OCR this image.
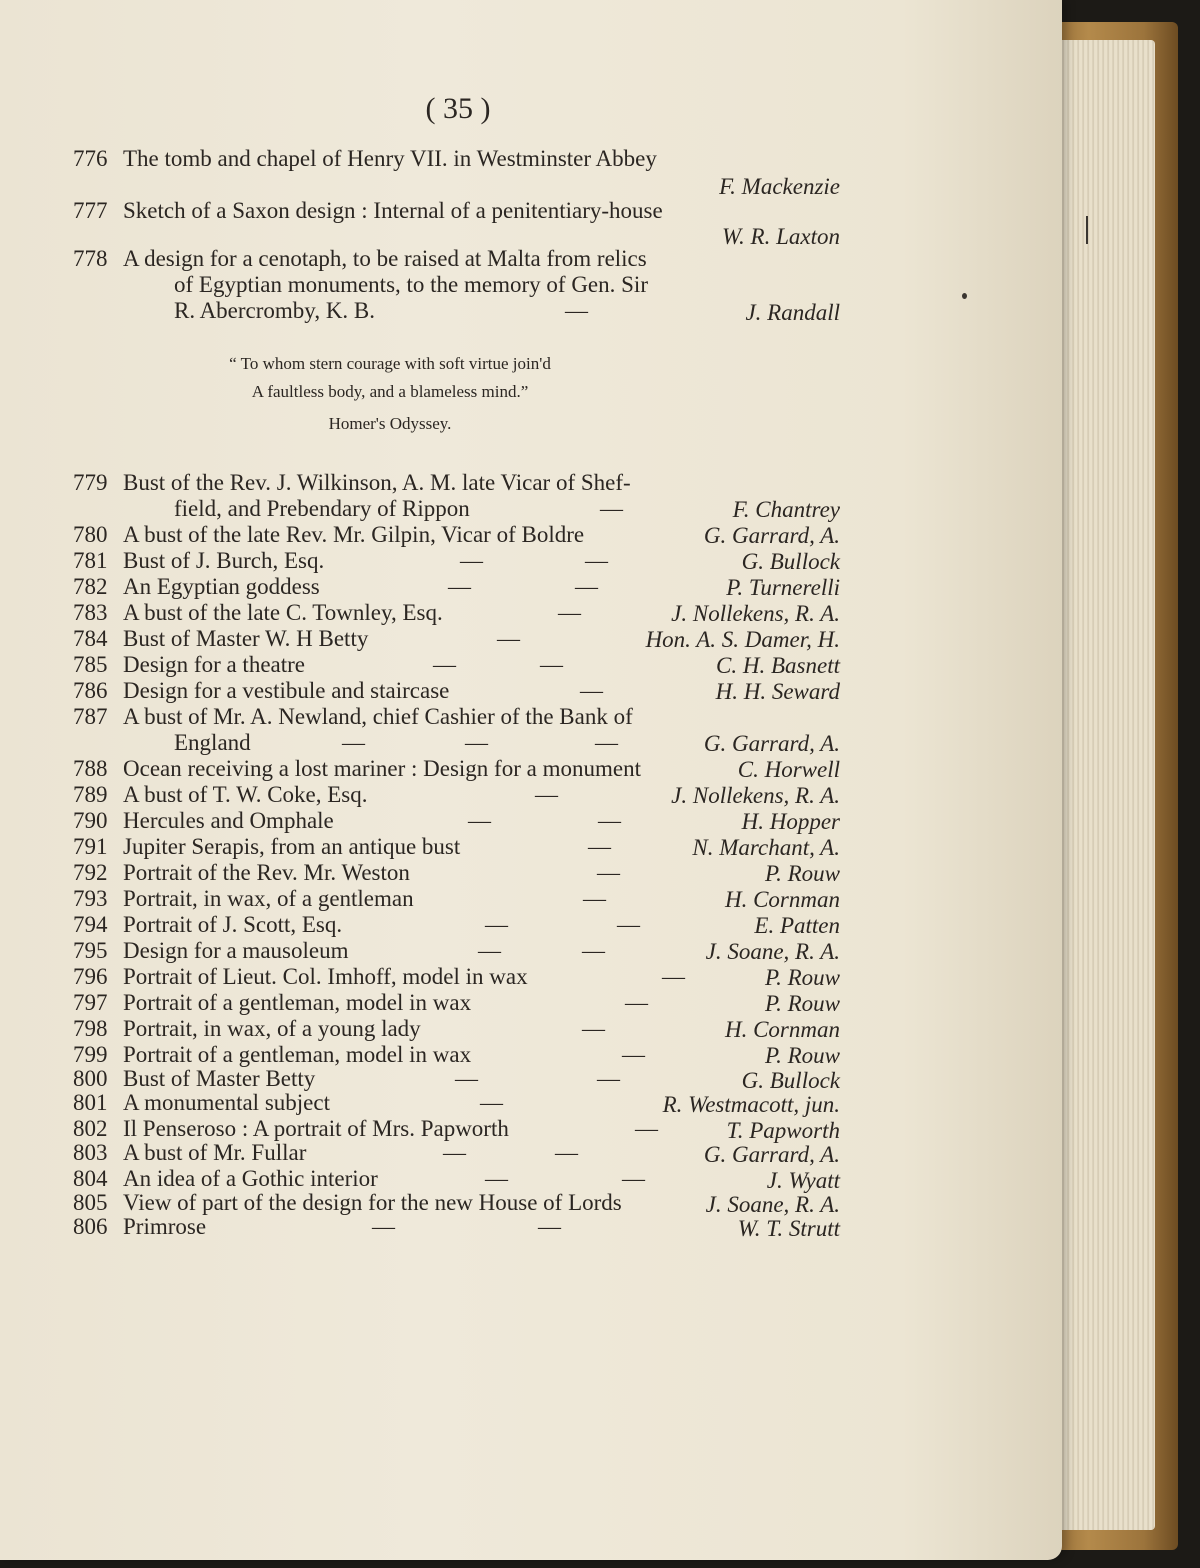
( 35 )
776 The tomb and chapel of Henry VII. in Westminster Abbey
F. Mackenzie
777 Sketch of a Saxon design : Internal of a penitentiary-house
W. R. Laxton
778 A design for a cenotaph, to be raised at Malta from relics
of Egyptian monuments, to the memory of Gen. Sir
R. Abercromby, K. B.	—	J. Randall
“ To whom stern courage with soft virtue join'd
A faultless body, and a blameless mind.”
Homer's Odyssey.
779 Bust of the Rev. J. Wilkinson, A. M. late Vicar of Shef-
field, and Prebendary of Rippon	—	F. Chantrey
780 A bust of the late Rev. Mr. Gilpin, Vicar of Boldre	G. Garrard, A.
781 Bust of J. Burch, Esq.	—	—	G. Bullock
782 An Egyptian goddess	—	—	P. Turnerelli
783 A bust of the late C. Townley, Esq.	—	J. Nollekens, R. A.
784 Bust of Master W. H Betty	—	Hon. A. S. Damer, H.
785 Design for a theatre	—	—	C. H. Basnett
786 Design for a vestibule and staircase	—	H. H. Seward
787 A bust of Mr. A. Newland, chief Cashier of the Bank of
England	—	—	—	G. Garrard, A.
788 Ocean receiving a lost mariner : Design for a monument	C. Horwell
789 A bust of T. W. Coke, Esq.	—	J. Nollekens, R. A.
790 Hercules and Omphale	—	—	H. Hopper
791 Jupiter Serapis, from an antique bust	—	N. Marchant, A.
792 Portrait of the Rev. Mr. Weston	—	P. Rouw
793 Portrait, in wax, of a gentleman	—	H. Cornman
794 Portrait of J. Scott, Esq.	—	—	E. Patten
795 Design for a mausoleum	—	—	J. Soane, R. A.
796 Portrait of Lieut. Col. Imhoff, model in wax	—	P. Rouw
797 Portrait of a gentleman, model in wax	—	P. Rouw
798 Portrait, in wax, of a young lady	—	H. Cornman
799 Portrait of a gentleman, model in wax	—	P. Rouw
800 Bust of Master Betty	—	—	G. Bullock
801 A monumental subject	—	R. Westmacott, jun.
802 Il Penseroso : A portrait of Mrs. Papworth	—	T. Papworth
803 A bust of Mr. Fullar	—	—	G. Garrard, A.
804 An idea of a Gothic interior	—	—	J. Wyatt
805 View of part of the design for the new House of Lords	J. Soane, R. A.
806 Primrose	—	—	W. T. Strutt
